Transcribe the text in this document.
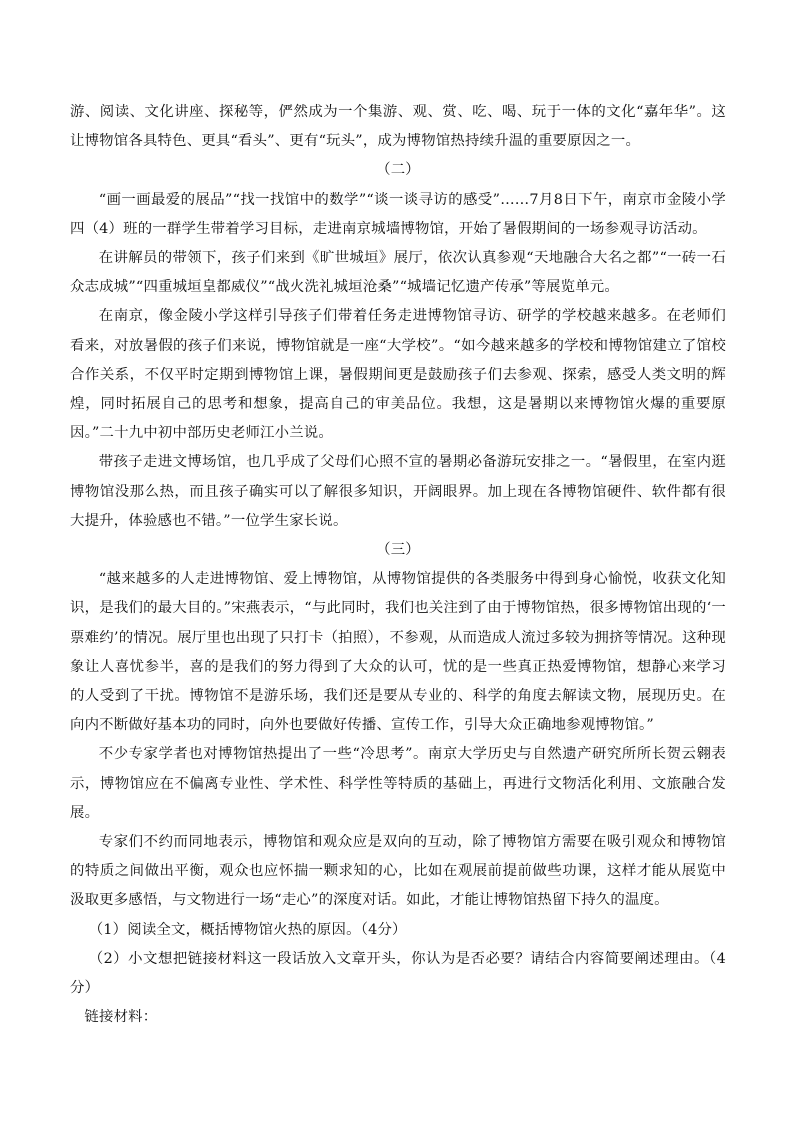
游、阅读、文化讲座、探秘等，俨然成为一个集游、观、赏、吃、喝、玩于一体的文化“嘉年华”。这让博物馆各具特色、更具“看头”、更有“玩头”，成为博物馆热持续升温的重要原因之一。

（二）

“画一画最爱的展品”“找一找馆中的数学”“谈一谈寻访的感受”……7月8日下午，南京市金陵小学四（4）班的一群学生带着学习目标，走进南京城墙博物馆，开始了暑假期间的一场参观寻访活动。

在讲解员的带领下，孩子们来到《旷世城垣》展厅，依次认真参观“天地融合大名之都”“一砖一石众志成城”“四重城垣皇都威仪”“战火洗礼城垣沧桑”“城墙记忆遗产传承”等展览单元。

在南京，像金陵小学这样引导孩子们带着任务走进博物馆寻访、研学的学校越来越多。在老师们看来，对放暑假的孩子们来说，博物馆就是一座“大学校”。“如今越来越多的学校和博物馆建立了馆校合作关系，不仅平时定期到博物馆上课，暑假期间更是鼓励孩子们去参观、探索，感受人类文明的辉煌，同时拓展自己的思考和想象，提高自己的审美品位。我想，这是暑期以来博物馆火爆的重要原因。”二十九中初中部历史老师江小兰说。

带孩子走进文博场馆，也几乎成了父母们心照不宣的暑期必备游玩安排之一。“暑假里，在室内逛博物馆没那么热，而且孩子确实可以了解很多知识，开阔眼界。加上现在各博物馆硬件、软件都有很大提升，体验感也不错。”一位学生家长说。

（三）

“越来越多的人走进博物馆、爱上博物馆，从博物馆提供的各类服务中得到身心愉悦，收获文化知识，是我们的最大目的。”宋燕表示，“与此同时，我们也关注到了由于博物馆热，很多博物馆出现的‘一票难约’的情况。展厅里也出现了只打卡（拍照），不参观，从而造成人流过多较为拥挤等情况。这种现象让人喜忧参半，喜的是我们的努力得到了大众的认可，忧的是一些真正热爱博物馆，想静心来学习的人受到了干扰。博物馆不是游乐场，我们还是要从专业的、科学的角度去解读文物，展现历史。在向内不断做好基本功的同时，向外也要做好传播、宣传工作，引导大众正确地参观博物馆。”

不少专家学者也对博物馆热提出了一些“冷思考”。南京大学历史与自然遗产研究所所长贺云翱表示，博物馆应在不偏离专业性、学术性、科学性等特质的基础上，再进行文物活化利用、文旅融合发展。

专家们不约而同地表示，博物馆和观众应是双向的互动，除了博物馆方需要在吸引观众和博物馆的特质之间做出平衡，观众也应怀揣一颗求知的心，比如在观展前提前做些功课，这样才能从展览中汲取更多感悟，与文物进行一场“走心”的深度对话。如此，才能让博物馆热留下持久的温度。

（1）阅读全文，概括博物馆火热的原因。（4分）

（2）小文想把链接材料这一段话放入文章开头，你认为是否必要？请结合内容简要阐述理由。（4分）

链接材料：
